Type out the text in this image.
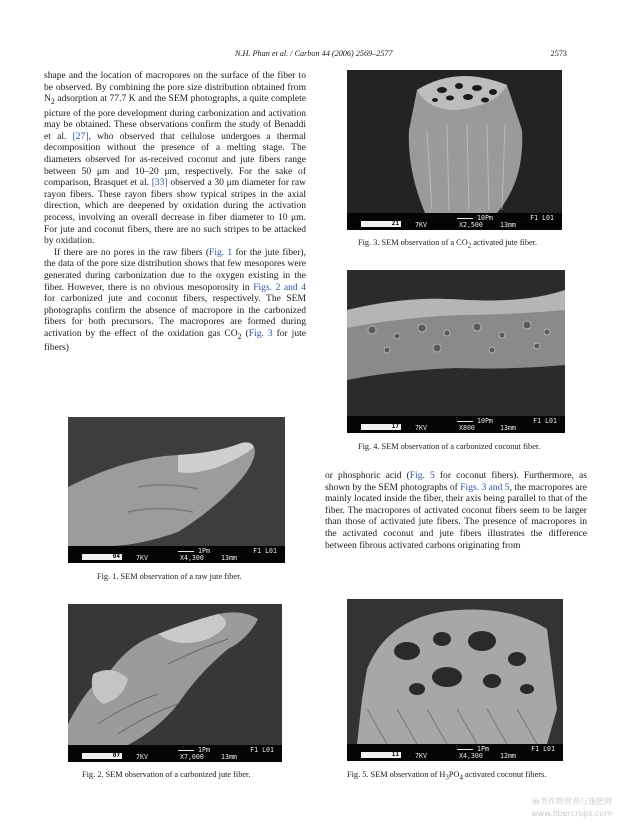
N.H. Phan et al. / Carbon 44 (2006) 2569–2577	2573

shape and the location of macropores on the surface of the fiber to be observed. By combining the pore size distribution obtained from $N_2$ adsorption at 77.7 K and the SEM photographs, a quite complete picture of the pore development during carbonization and activation may be obtained. These observations confirm the study of Benaddi et al. [27], who observed that cellulose undergoes a thermal decomposition without the presence of a melting stage. The diameters observed for as-received coconut and jute fibers range between 50 μm and 10–20 μm, respectively. For the sake of comparison, Brasquet et al. [33] observed a 30 μm diameter for raw rayon fibers. These rayon fibers show typical stripes in the axial direction, which are deepened by oxidation during the activation process, involving an overall decrease in fiber diameter to 10 μm. For jute and coconut fibers, there are no such stripes to be attacked by oxidation.

If there are no pores in the raw fibers (Fig. 1 for the jute fiber), the data of the pore size distribution shows that few mesopores were generated during carbonization due to the oxygen existing in the fiber. However, there is no obvious mesoporosity in Figs. 2 and 4 for carbonized jute and coconut fibers, respectively. The SEM photographs confirm the absence of macropore in the carbonized fibers for both precursors. The macropores are formed during activation by the effect of the oxidation gas $CO_2$ (Fig. 3 for jute fibers)

or phosphoric acid (Fig. 5 for coconut fibers). Furthermore, as shown by the SEM photographs of Figs. 3 and 5, the macropores are mainly located inside the fiber, their axis being parallel to that of the fiber. The macropores of activated coconut fibers seem to be larger than those of activated jute fibers. The presence of macropores in the activated coconut and jute fibers illustrates the difference between fibrous activated carbons originating from

21	7KV	X2,500	13mm
10Pm	F1 L01
Fig. 3. SEM observation of a $CO_2$ activated jute fiber.
17	7KV	X800	13mm
10Pm	F1 L01
Fig. 4. SEM observation of a carbonized coconut fiber.
04	7KV	X4,300	13mm
1Pm	F1 L01
Fig. 1. SEM observation of a raw jute fiber.
07	7KV	X7,000	13mm
1Pm	F1 L01
Fig. 2. SEM observation of a carbonized jute fiber.
11	7KV	X4,300	12mm
1Pm	F1 L01
Fig. 5. SEM observation of $H_3PO_4$ activated coconut fibers.
麻类作物营养与施肥网
www.fibercrops.com
